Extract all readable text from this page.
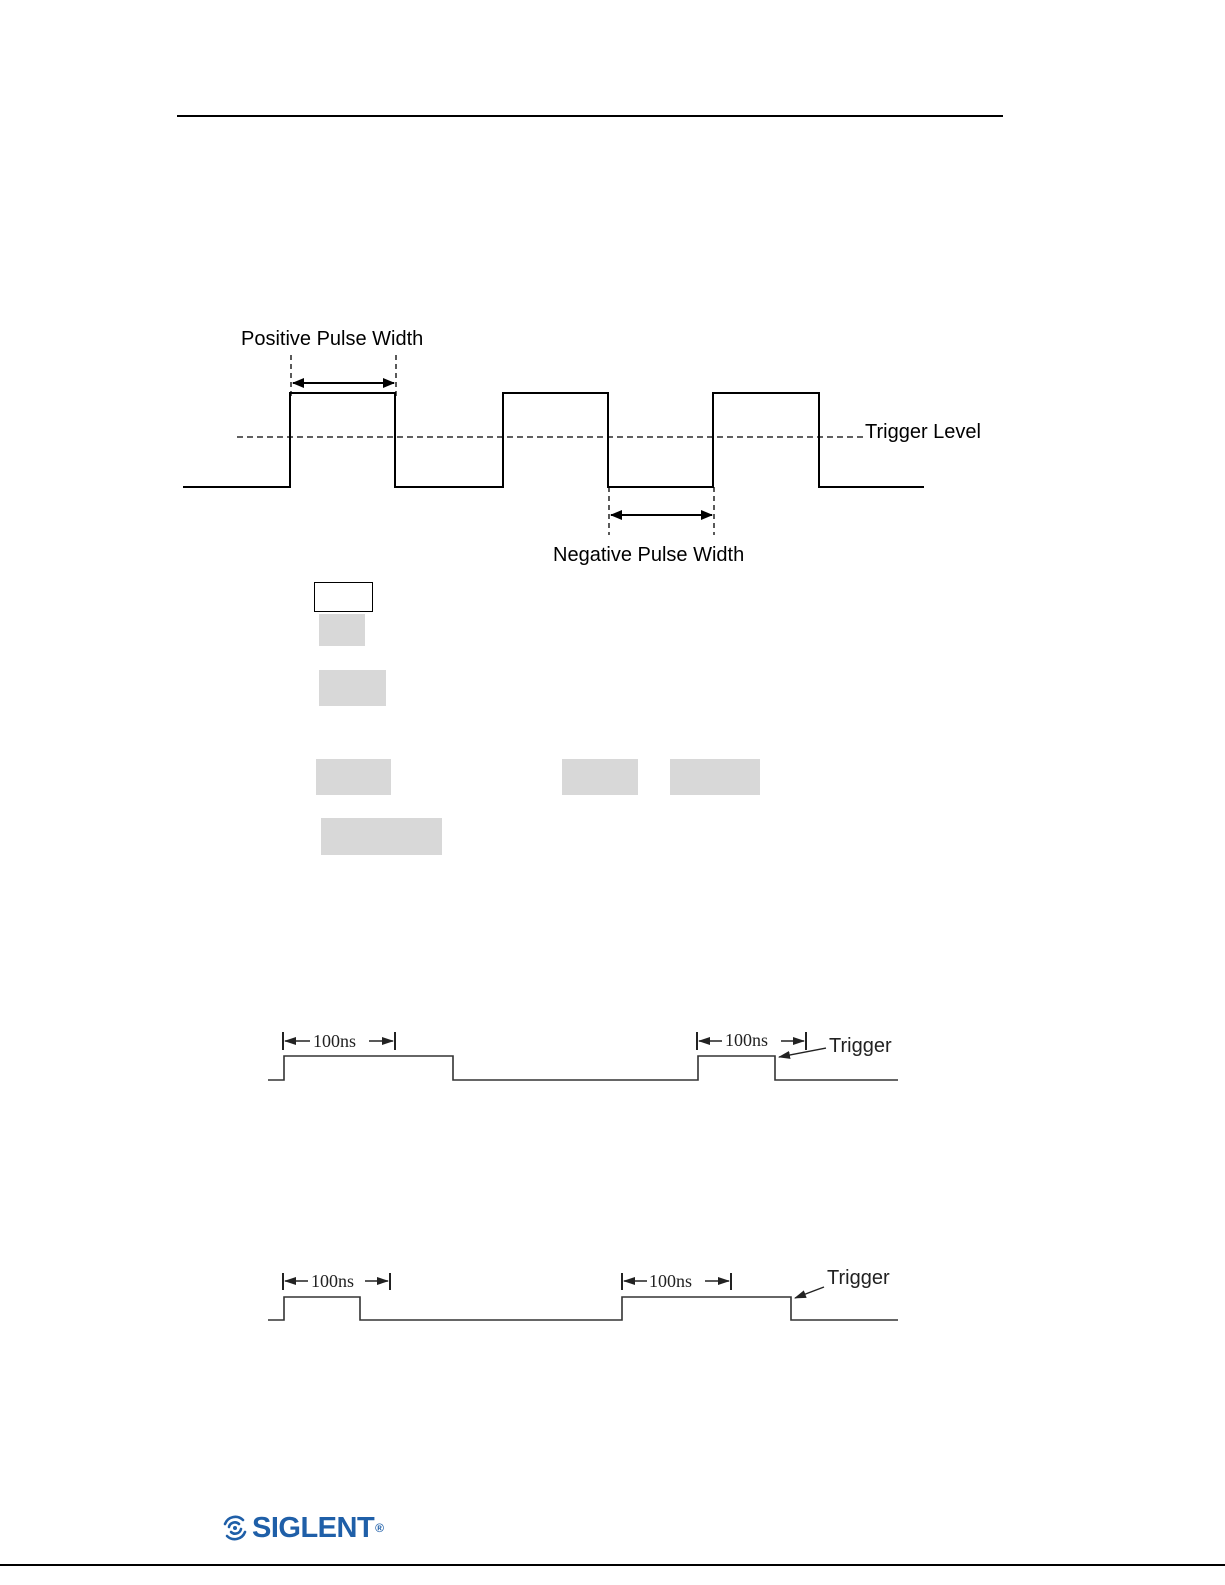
Positive Pulse Width
Trigger Level
Negative Pulse Width
100ns	100ns	Trigger
100ns	100ns	Trigger
SIGLENT ®
